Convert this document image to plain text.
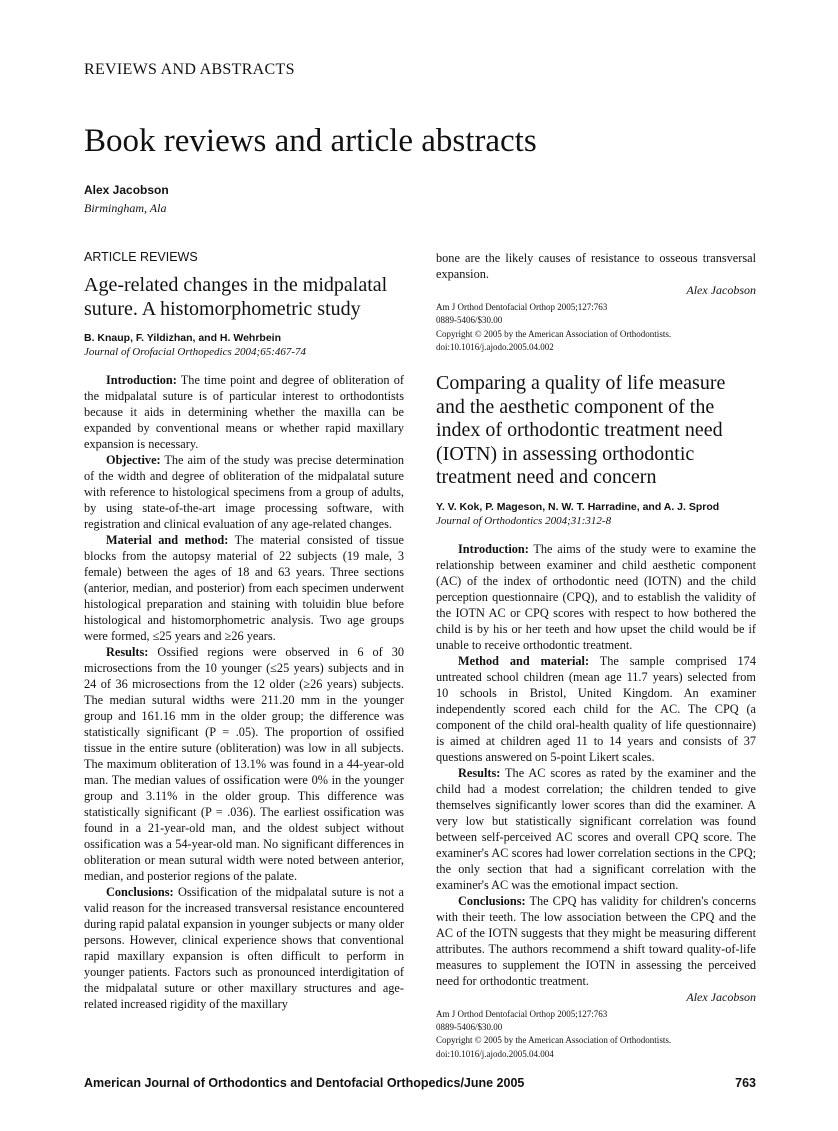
REVIEWS AND ABSTRACTS
Book reviews and article abstracts
Alex Jacobson
Birmingham, Ala
ARTICLE REVIEWS
Age-related changes in the midpalatal suture. A histomorphometric study
B. Knaup, F. Yildizhan, and H. Wehrbein
Journal of Orofacial Orthopedics 2004;65:467-74

Introduction: The time point and degree of obliteration of the midpalatal suture is of particular interest to orthodontists because it aids in determining whether the maxilla can be expanded by conventional means or whether rapid maxillary expansion is necessary.

Objective: The aim of the study was precise determination of the width and degree of obliteration of the midpalatal suture with reference to histological specimens from a group of adults, by using state-of-the-art image processing software, with registration and clinical evaluation of any age-related changes.

Material and method: The material consisted of tissue blocks from the autopsy material of 22 subjects (19 male, 3 female) between the ages of 18 and 63 years. Three sections (anterior, median, and posterior) from each specimen underwent histological preparation and staining with toluidin blue before histological and histomorphometric analysis. Two age groups were formed, ≤25 years and ≥26 years.

Results: Ossified regions were observed in 6 of 30 microsections from the 10 younger (≤25 years) subjects and in 24 of 36 microsections from the 12 older (≥26 years) subjects. The median sutural widths were 211.20 mm in the younger group and 161.16 mm in the older group; the difference was statistically significant (P = .05). The proportion of ossified tissue in the entire suture (obliteration) was low in all subjects. The maximum obliteration of 13.1% was found in a 44-year-old man. The median values of ossification were 0% in the younger group and 3.11% in the older group. This difference was statistically significant (P = .036). The earliest ossification was found in a 21-year-old man, and the oldest subject without ossification was a 54-year-old man. No significant differences in obliteration or mean sutural width were noted between anterior, median, and posterior regions of the palate.

Conclusions: Ossification of the midpalatal suture is not a valid reason for the increased transversal resistance encountered during rapid palatal expansion in younger subjects or many older persons. However, clinical experience shows that conventional rapid maxillary expansion is often difficult to perform in younger patients. Factors such as pronounced interdigitation of the midpalatal suture or other maxillary structures and age-related increased rigidity of the maxillary

bone are the likely causes of resistance to osseous transversal expansion.

Alex Jacobson
Am J Orthod Dentofacial Orthop 2005;127:763
0889-5406/$30.00
Copyright © 2005 by the American Association of Orthodontists.
doi:10.1016/j.ajodo.2005.04.002
Comparing a quality of life measure and the aesthetic component of the index of orthodontic treatment need (IOTN) in assessing orthodontic treatment need and concern
Y. V. Kok, P. Mageson, N. W. T. Harradine, and A. J. Sprod
Journal of Orthodontics 2004;31:312-8

Introduction: The aims of the study were to examine the relationship between examiner and child aesthetic component (AC) of the index of orthodontic need (IOTN) and the child perception questionnaire (CPQ), and to establish the validity of the IOTN AC or CPQ scores with respect to how bothered the child is by his or her teeth and how upset the child would be if unable to receive orthodontic treatment.

Method and material: The sample comprised 174 untreated school children (mean age 11.7 years) selected from 10 schools in Bristol, United Kingdom. An examiner independently scored each child for the AC. The CPQ (a component of the child oral-health quality of life questionnaire) is aimed at children aged 11 to 14 years and consists of 37 questions answered on 5-point Likert scales.

Results: The AC scores as rated by the examiner and the child had a modest correlation; the children tended to give themselves significantly lower scores than did the examiner. A very low but statistically significant correlation was found between self-perceived AC scores and overall CPQ score. The examiner's AC scores had lower correlation sections in the CPQ; the only section that had a significant correlation with the examiner's AC was the emotional impact section.

Conclusions: The CPQ has validity for children's concerns with their teeth. The low association between the CPQ and the AC of the IOTN suggests that they might be measuring different attributes. The authors recommend a shift toward quality-of-life measures to supplement the IOTN in assessing the perceived need for orthodontic treatment.

Alex Jacobson
Am J Orthod Dentofacial Orthop 2005;127:763
0889-5406/$30.00
Copyright © 2005 by the American Association of Orthodontists.
doi:10.1016/j.ajodo.2005.04.004
American Journal of Orthodontics and Dentofacial Orthopedics/June 2005	763
